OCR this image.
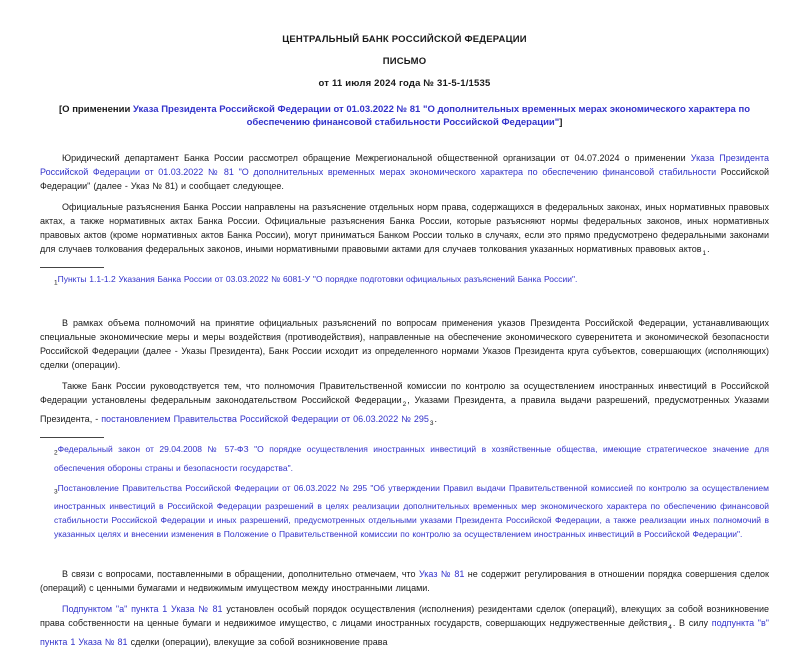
ЦЕНТРАЛЬНЫЙ БАНК РОССИЙСКОЙ ФЕДЕРАЦИИ
ПИСЬМО
от 11 июля 2024 года № 31-5-1/1535
[О применении Указа Президента Российской Федерации от 01.03.2022 № 81 "О дополнительных временных мерах экономического характера по обеспечению финансовой стабильности Российской Федерации"]

Юридический департамент Банка России рассмотрел обращение Межрегиональной общественной организации от 04.07.2024 о применении Указа Президента Российской Федерации от 01.03.2022 № 81 "О дополнительных временных мерах экономического характера по обеспечению финансовой стабильности Российской Федерации" (далее - Указ № 81) и сообщает следующее.

Официальные разъяснения Банка России направлены на разъяснение отдельных норм права, содержащихся в федеральных законах, иных нормативных правовых актах, а также нормативных актах Банка России. Официальные разъяснения Банка России, которые разъясняют нормы федеральных законов, иных нормативных правовых актов (кроме нормативных актов Банка России), могут приниматься Банком России только в случаях, если это прямо предусмотрено федеральными законами для случаев толкования федеральных законов, иными нормативными правовыми актами для случаев толкования указанных нормативных правовых актов$_1$.

$_1$Пункты 1.1-1.2 Указания Банка России от 03.03.2022 № 6081-У "О порядке подготовки официальных разъяснений Банка России".

В рамках объема полномочий на принятие официальных разъяснений по вопросам применения указов Президента Российской Федерации, устанавливающих специальные экономические меры и меры воздействия (противодействия), направленные на обеспечение экономического суверенитета и экономической безопасности Российской Федерации (далее - Указы Президента), Банк России исходит из определенного нормами Указов Президента круга субъектов, совершающих (исполняющих) сделки (операции).

Также Банк России руководствуется тем, что полномочия Правительственной комиссии по контролю за осуществлением иностранных инвестиций в Российской Федерации установлены федеральным законодательством Российской Федерации$_2$, Указами Президента, а правила выдачи разрешений, предусмотренных Указами Президента, - постановлением Правительства Российской Федерации от 06.03.2022 № $295_3$.

$_2$Федеральный закон от 29.04.2008 № 57-ФЗ "О порядке осуществления иностранных инвестиций в хозяйственные общества, имеющие стратегическое значение для обеспечения обороны страны и безопасности государства".
$_3$Постановление Правительства Российской Федерации от 06.03.2022 № 295 "Об утверждении Правил выдачи Правительственной комиссией по контролю за осуществлением иностранных инвестиций в Российской Федерации разрешений в целях реализации дополнительных временных мер экономического характера по обеспечению финансовой стабильности Российской Федерации и иных разрешений, предусмотренных отдельными указами Президента Российской Федерации, а также реализации иных полномочий в указанных целях и внесении изменения в Положение о Правительственной комиссии по контролю за осуществлением иностранных инвестиций в Российской Федерации".

В связи с вопросами, поставленными в обращении, дополнительно отмечаем, что Указ № 81 не содержит регулирования в отношении порядка совершения сделок (операций) с ценными бумагами и недвижимым имуществом между иностранными лицами.

Подпунктом "а" пункта 1 Указа № 81 установлен особый порядок осуществления (исполнения) резидентами сделок (операций), влекущих за собой возникновение права собственности на ценные бумаги и недвижимое имущество, с лицами иностранных государств, совершающих недружественные действия$_4$. В силу подпункта "в" пункта 1 Указа № 81 сделки (операции), влекущие за собой возникновение права
